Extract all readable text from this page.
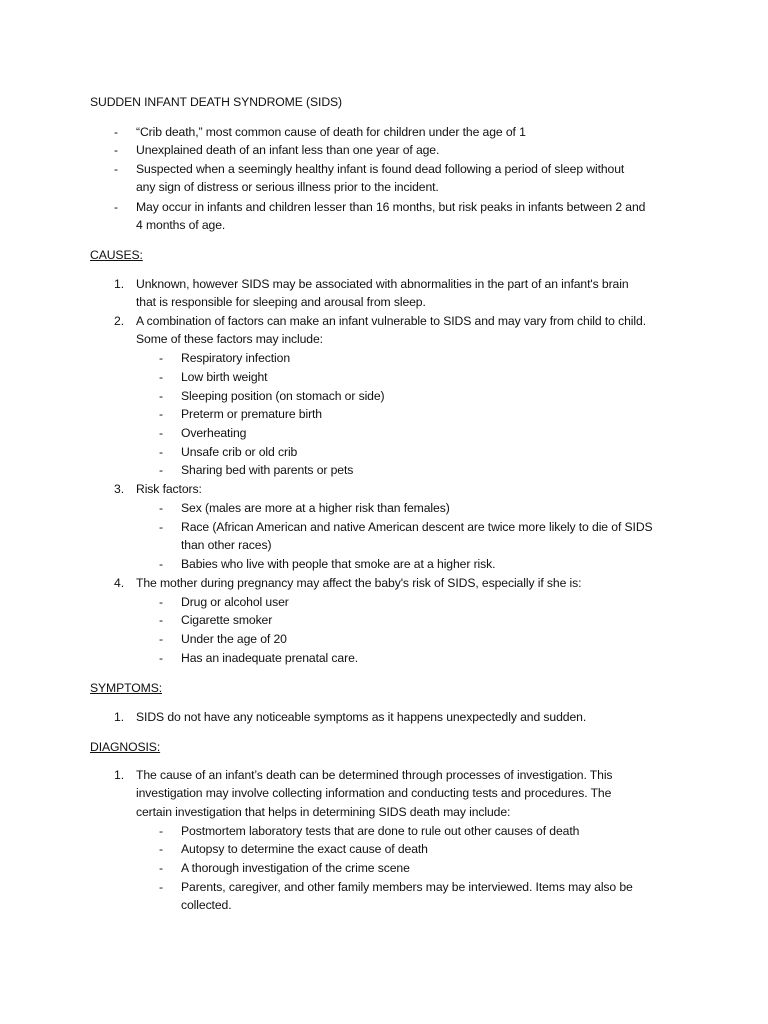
SUDDEN INFANT DEATH SYNDROME (SIDS)
- “Crib death,” most common cause of death for children under the age of 1
- Unexplained death of an infant less than one year of age.
- Suspected when a seemingly healthy infant is found dead following a period of sleep without
any sign of distress or serious illness prior to the incident.
- May occur in infants and children lesser than 16 months, but risk peaks in infants between 2 and
4 months of age.
CAUSES:
1. Unknown, however SIDS may be associated with abnormalities in the part of an infant's brain
that is responsible for sleeping and arousal from sleep.
2. A combination of factors can make an infant vulnerable to SIDS and may vary from child to child.
Some of these factors may include:
- Respiratory infection
- Low birth weight
- Sleeping position (on stomach or side)
- Preterm or premature birth
- Overheating
- Unsafe crib or old crib
- Sharing bed with parents or pets
3. Risk factors:
- Sex (males are more at a higher risk than females)
- Race (African American and native American descent are twice more likely to die of SIDS
than other races)
- Babies who live with people that smoke are at a higher risk.
4. The mother during pregnancy may affect the baby's risk of SIDS, especially if she is:
- Drug or alcohol user
- Cigarette smoker
- Under the age of 20
- Has an inadequate prenatal care.
SYMPTOMS:
1. SIDS do not have any noticeable symptoms as it happens unexpectedly and sudden.
DIAGNOSIS:
1. The cause of an infant’s death can be determined through processes of investigation. This
investigation may involve collecting information and conducting tests and procedures. The
certain investigation that helps in determining SIDS death may include:
- Postmortem laboratory tests that are done to rule out other causes of death
- Autopsy to determine the exact cause of death
- A thorough investigation of the crime scene
- Parents, caregiver, and other family members may be interviewed. Items may also be
collected.
